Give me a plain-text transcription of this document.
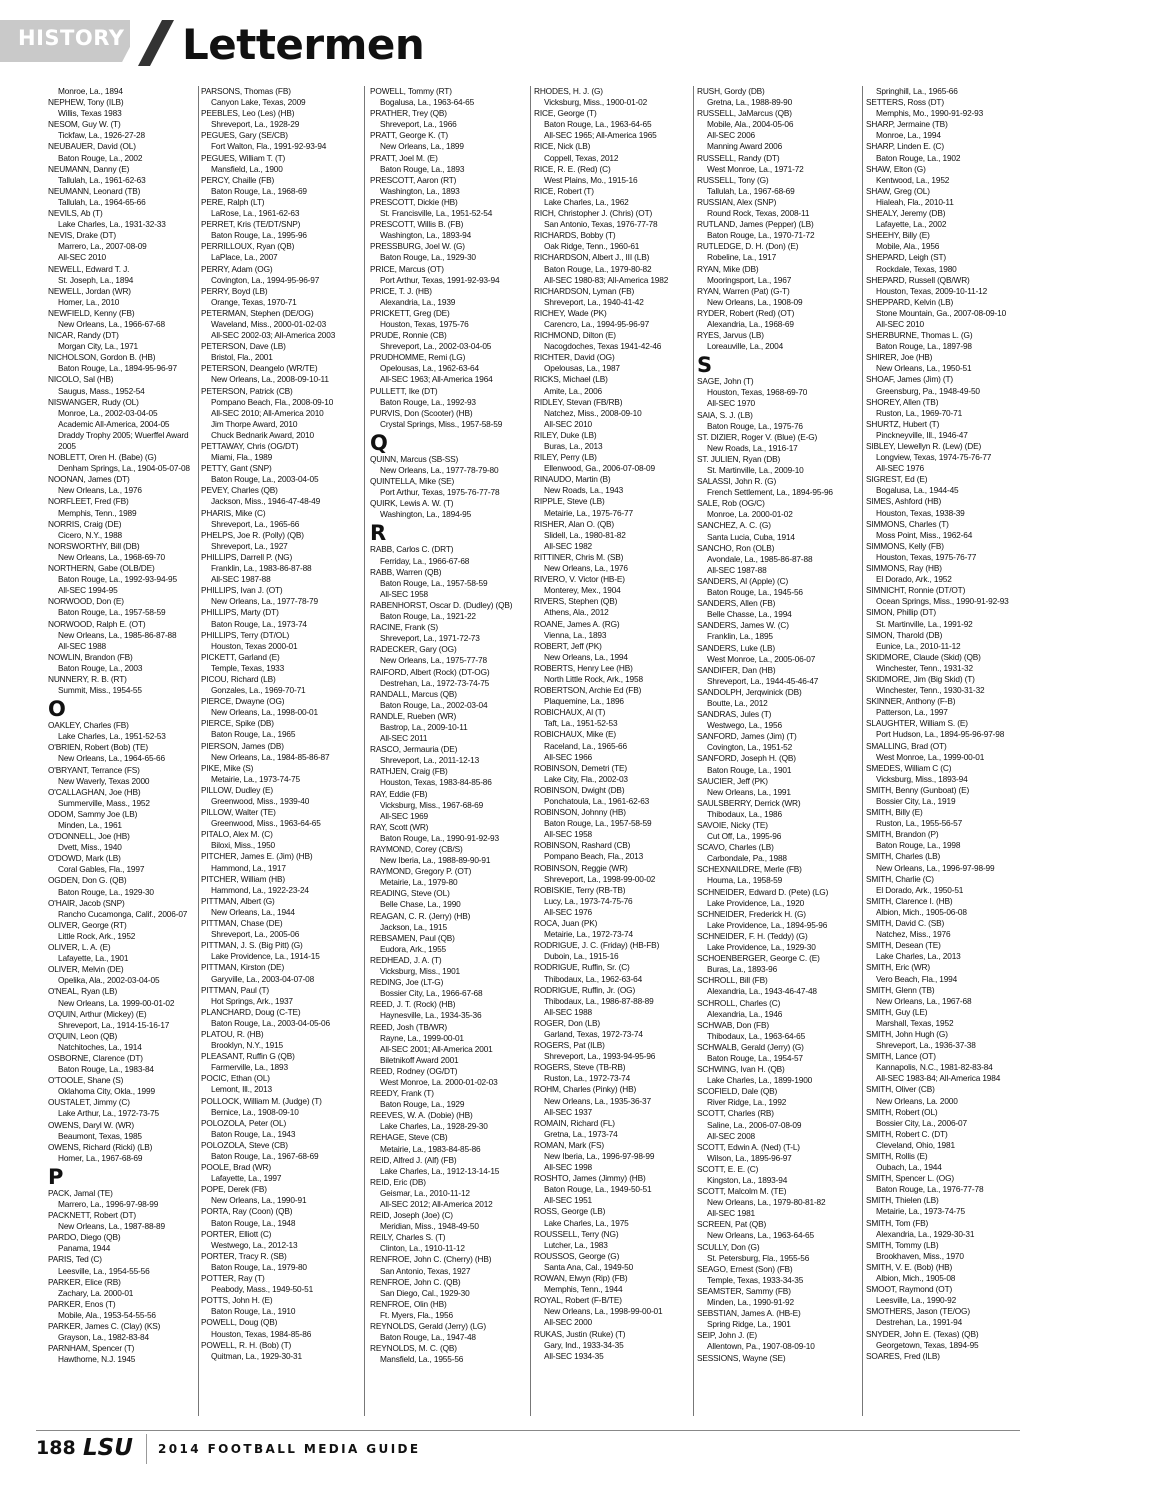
HISTORY Lettermen
Monroe, La., 1894
NEPHEW, Tony (ILB)
Willis, Texas 1983
NESOM, Guy W. (T)
Tickfaw, La., 1926-27-28
NEUBAUER, David (OL)
Baton Rouge, La., 2002
NEUMANN, Danny (E)
Tallulah, La., 1961-62-63
NEUMANN, Leonard (TB)
Tallulah, La., 1964-65-66
NEVILS, Ab (T)
Lake Charles, La., 1931-32-33
NEVIS, Drake (DT)
Marrero, La., 2007-08-09
All-SEC 2010
NEWELL, Edward T. J.
St. Joseph, La., 1894
NEWELL, Jordan (WR)
Homer, La., 2010
NEWFIELD, Kenny (FB)
New Orleans, La., 1966-67-68
NICAR, Randy (DT)
Morgan City, La., 1971
NICHOLSON, Gordon B. (HB)
Baton Rouge, La., 1894-95-96-97
NICOLO, Sal (HB)
Saugus, Mass., 1952-54
NISWANGER, Rudy (OL)
Monroe, La., 2002-03-04-05
Academic All-America, 2004-05
Draddy Trophy 2005; Wuerffel Award
2005
NOBLETT, Oren H. (Babe) (G)
Denham Springs, La., 1904-05-07-08
NOONAN, James (DT)
New Orleans, La., 1976
NORFLEET, Fred (FB)
Memphis, Tenn., 1989
NORRIS, Craig (DE)
Cicero, N.Y., 1988
NORSWORTHY, Bill (DB)
New Orleans, La., 1968-69-70
NORTHERN, Gabe (OLB/DE)
Baton Rouge, La., 1992-93-94-95
All-SEC 1994-95
NORWOOD, Don (E)
Baton Rouge, La., 1957-58-59
NORWOOD, Ralph E. (OT)
New Orleans, La., 1985-86-87-88
All-SEC 1988
NOWLIN, Brandon (FB)
Baton Rouge, La., 2003
NUNNERY, R. B. (RT)
Summit, Miss., 1954-55
O
OAKLEY, Charles (FB)
Lake Charles, La., 1951-52-53
O'BRIEN, Robert (Bob) (TE)
New Orleans, La., 1964-65-66
O'BRYANT, Terrance (FS)
New Waverly, Texas 2000
O'CALLAGHAN, Joe (HB)
Summerville, Mass., 1952
ODOM, Sammy Joe (LB)
Minden, La., 1961
O'DONNELL, Joe (HB)
Dvett, Miss., 1940
O'DOWD, Mark (LB)
Coral Gables, Fla., 1997
OGDEN, Don G. (QB)
Baton Rouge, La., 1929-30
O'HAIR, Jacob (SNP)
Rancho Cucamonga, Calif., 2006-07
OLIVER, George (RT)
Little Rock, Ark., 1952
OLIVER, L. A. (E)
Lafayette, La., 1901
OLIVER, Melvin (DE)
Opelika, Ala., 2002-03-04-05
O'NEAL, Ryan (LB)
New Orleans, La. 1999-00-01-02
O'QUIN, Arthur (Mickey) (E)
Shreveport, La., 1914-15-16-17
O'QUIN, Leon (QB)
Natchitoches, La., 1914
OSBORNE, Clarence (DT)
Baton Rouge, La., 1983-84
O'TOOLE, Shane (S)
Oklahoma City, Okla., 1999
OUSTALET, Jimmy (C)
Lake Arthur, La., 1972-73-75
OWENS, Daryl W. (WR)
Beaumont, Texas, 1985
OWENS, Richard (Ricki) (LB)
Homer, La., 1967-68-69
P
PACK, Jamal (TE)
Marrero, La., 1996-97-98-99
PACKNETT, Robert (DT)
New Orleans, La., 1987-88-89
PARDO, Diego (QB)
Panama, 1944
PARIS, Ted (C)
Leesville, La., 1954-55-56
PARKER, Elice (RB)
Zachary, La. 2000-01
PARKER, Enos (T)
Mobile, Ala., 1953-54-55-56
PARKER, James C. (Clay) (KS)
Grayson, La., 1982-83-84
PARNHAM, Spencer (T)
Hawthorne, N.J. 1945
PARSONS, Thomas (FB)
Canyon Lake, Texas, 2009
PEEBLES, Leo (Les) (HB)
Shreveport, La., 1928-29
PEGUES, Gary (SE/CB)
Fort Walton, Fla., 1991-92-93-94
PEGUES, William T. (T)
Mansfield, La., 1900
PERCY, Chaille (FB)
Baton Rouge, La., 1968-69
PERE, Ralph (LT)
LaRose, La., 1961-62-63
PERRET, Kris (TE/DT/SNP)
Baton Rouge, La., 1995-96
PERRILLOUX, Ryan (QB)
LaPlace, La., 2007
PERRY, Adam (OG)
Covington, La., 1994-95-96-97
PERRY, Boyd (LB)
Orange, Texas, 1970-71
PETERMAN, Stephen (DE/OG)
Waveland, Miss., 2000-01-02-03
All-SEC 2002-03; All-America 2003
PETERSON, Dave (LB)
Bristol, Fla., 2001
PETERSON, Deangelo (WR/TE)
New Orleans, La., 2008-09-10-11
PETERSON, Patrick (CB)
Pompano Beach, Fla., 2008-09-10
All-SEC 2010; All-America 2010
Jim Thorpe Award, 2010
Chuck Bednarik Award, 2010
PETTAWAY, Chris (OG/DT)
Miami, Fla., 1989
PETTY, Gant (SNP)
Baton Rouge, La., 2003-04-05
PEVEY, Charles (QB)
Jackson, Miss., 1946-47-48-49
PHARIS, Mike (C)
Shreveport, La., 1965-66
PHELPS, Joe R. (Polly) (QB)
Shreveport, La., 1927
PHILLIPS, Darrell P. (NG)
Franklin, La., 1983-86-87-88
All-SEC 1987-88
PHILLIPS, Ivan J. (OT)
New Orleans, La., 1977-78-79
PHILLIPS, Marty (DT)
Baton Rouge, La., 1973-74
PHILLIPS, Terry (DT/OL)
Houston, Texas 2000-01
PICKETT, Garland (E)
Temple, Texas, 1933
PICOU, Richard (LB)
Gonzales, La., 1969-70-71
PIERCE, Dwayne (OG)
New Orleans, La., 1998-00-01
PIERCE, Spike (DB)
Baton Rouge, La., 1965
PIERSON, James (DB)
New Orleans, La., 1984-85-86-87
PIKE, Mike (S)
Metairie, La., 1973-74-75
PILLOW, Dudley (E)
Greenwood, Miss., 1939-40
PILLOW, Walter (TE)
Greenwood, Miss., 1963-64-65
PITALO, Alex M. (C)
Biloxi, Miss., 1950
PITCHER, James E. (Jim) (HB)
Hammond, La., 1917
PITCHER, William (HB)
Hammond, La., 1922-23-24
PITTMAN, Albert (G)
New Orleans, La., 1944
PITTMAN, Chase (DE)
Shreveport, La., 2005-06
PITTMAN, J. S. (Big Pitt) (G)
Lake Providence, La., 1914-15
PITTMAN, Kirston (DE)
Garyville, La., 2003-04-07-08
PITTMAN, Paul (T)
Hot Springs, Ark., 1937
PLANCHARD, Doug (C-TE)
Baton Rouge, La., 2003-04-05-06
PLATOU, R. (HB)
Brooklyn, N.Y., 1915
PLEASANT, Ruffin G (QB)
Farmerville, La., 1893
POCIC, Ethan (OL)
Lemont, Ill., 2013
POLLOCK, William M. (Judge) (T)
Bernice, La., 1908-09-10
POLOZOLA, Peter (OL)
Baton Rouge, La., 1943
POLOZOLA, Steve (CB)
Baton Rouge, La., 1967-68-69
POOLE, Brad (WR)
Lafayette, La., 1997
POPE, Derek (FB)
New Orleans, La., 1990-91
PORTA, Ray (Coon) (QB)
Baton Rouge, La., 1948
PORTER, Elliott (C)
Westwego, La., 2012-13
PORTER, Tracy R. (SB)
Baton Rouge, La., 1979-80
POTTER, Ray (T)
Peabody, Mass., 1949-50-51
POTTS, John H. (E)
Baton Rouge, La., 1910
POWELL, Doug (QB)
Houston, Texas, 1984-85-86
POWELL, R. H. (Bob) (T)
Quitman, La., 1929-30-31
POWELL, Tommy (RT)
Bogalusa, La., 1963-64-65
PRATHER, Trey (QB)
Shreveport, La., 1966
PRATT, George K. (T)
New Orleans, La., 1899
PRATT, Joel M. (E)
Baton Rouge, La., 1893
PRESCOTT, Aaron (RT)
Washington, La., 1893
PRESCOTT, Dickie (HB)
St. Francisville, La., 1951-52-54
PRESCOTT, Willis B. (FB)
Washington, La., 1893-94
PRESSBURG, Joel W. (G)
Baton Rouge, La., 1929-30
PRICE, Marcus (OT)
Port Arthur, Texas, 1991-92-93-94
PRICE, T. J. (HB)
Alexandria, La., 1939
PRICKETT, Greg (DE)
Houston, Texas, 1975-76
PRUDE, Ronnie (CB)
Shreveport, La., 2002-03-04-05
PRUDHOMME, Remi (LG)
Opelousas, La., 1962-63-64
All-SEC 1963; All-America 1964
PULLETT, Ike (DT)
Baton Rouge, La., 1992-93
PURVIS, Don (Scooter) (HB)
Crystal Springs, Miss., 1957-58-59
Q
QUINN, Marcus (SB-SS)
New Orleans, La., 1977-78-79-80
QUINTELLA, Mike (SE)
Port Arthur, Texas, 1975-76-77-78
QUIRK, Lewis A. W. (T)
Washington, La., 1894-95
R
RABB, Carlos C. (DRT)
Ferriday, La., 1966-67-68
RABB, Warren (QB)
Baton Rouge, La., 1957-58-59
All-SEC 1958
RABENHORST, Oscar D. (Dudley) (QB)
Baton Rouge, La., 1921-22
RACINE, Frank (S)
Shreveport, La., 1971-72-73
RADECKER, Gary (OG)
New Orleans, La., 1975-77-78
RAIFORD, Albert (Rock) (DT-OG)
Destrehan, La., 1972-73-74-75
RANDALL, Marcus (QB)
Baton Rouge, La., 2002-03-04
RANDLE, Rueben (WR)
Bastrop, La., 2009-10-11
All-SEC 2011
RASCO, Jermauria (DE)
Shreveport, La., 2011-12-13
RATHJEN, Craig (FB)
Houston, Texas, 1983-84-85-86
RAY, Eddie (FB)
Vicksburg, Miss., 1967-68-69
All-SEC 1969
RAY, Scott (WR)
Baton Rouge, La., 1990-91-92-93
RAYMOND, Corey (CB/S)
New Iberia, La., 1988-89-90-91
RAYMOND, Gregory P. (OT)
Metairie, La., 1979-80
READING, Steve (OL)
Belle Chase, La., 1990
REAGAN, C. R. (Jerry) (HB)
Jackson, La., 1915
REBSAMEN, Paul (QB)
Eudora, Ark., 1955
REDHEAD, J. A. (T)
Vicksburg, Miss., 1901
REDING, Joe (LT-G)
Bossier City, La., 1966-67-68
REED, J. T. (Rock) (HB)
Haynesville, La., 1934-35-36
REED, Josh (TB/WR)
Rayne, La., 1999-00-01
All-SEC 2001; All-America 2001
Biletnikoff Award 2001
REED, Rodney (OG/DT)
West Monroe, La. 2000-01-02-03
REEDY, Frank (T)
Baton Rouge, La., 1929
REEVES, W. A. (Dobie) (HB)
Lake Charles, La., 1928-29-30
REHAGE, Steve (CB)
Metairie, La., 1983-84-85-86
REID, Alfred J. (Alf) (FB)
Lake Charles, La., 1912-13-14-15
REID, Eric (DB)
Geismar, La., 2010-11-12
All-SEC 2012; All-America 2012
REID, Joseph (Joe) (C)
Meridian, Miss., 1948-49-50
REILY, Charles S. (T)
Clinton, La., 1910-11-12
RENFROE, John C. (Cherry) (HB)
San Antonio, Texas, 1927
RENFROE, John C. (QB)
San Diego, Cal., 1929-30
RENFROE, Olin (HB)
Ft. Myers, Fla., 1956
REYNOLDS, Gerald (Jerry) (LG)
Baton Rouge, La., 1947-48
REYNOLDS, M. C. (QB)
Mansfield, La., 1955-56
RHODES, H. J. (G)
Vicksburg, Miss., 1900-01-02
RICE, George (T)
Baton Rouge, La., 1963-64-65
All-SEC 1965; All-America 1965
RICE, Nick (LB)
Coppell, Texas, 2012
RICE, R. E. (Red) (C)
West Plains, Mo., 1915-16
RICE, Robert (T)
Lake Charles, La., 1962
RICH, Christopher J. (Chris) (OT)
San Antonio, Texas, 1976-77-78
RICHARDS, Bobby (T)
Oak Ridge, Tenn., 1960-61
RICHARDSON, Albert J., III (LB)
Baton Rouge, La., 1979-80-82
All-SEC 1980-83; All-America 1982
RICHARDSON, Lyman (FB)
Shreveport, La., 1940-41-42
RICHEY, Wade (PK)
Carencro, La., 1994-95-96-97
RICHMOND, Dilton (E)
Nacogdoches, Texas 1941-42-46
RICHTER, David (OG)
Opelousas, La., 1987
RICKS, Michael (LB)
Amite, La., 2006
RIDLEY, Stevan (FB/RB)
Natchez, Miss., 2008-09-10
All-SEC 2010
RILEY, Duke (LB)
Buras, La., 2013
RILEY, Perry (LB)
Ellenwood, Ga., 2006-07-08-09
RINAUDO, Martin (B)
New Roads, La., 1943
RIPPLE, Steve (LB)
Metairie, La., 1975-76-77
RISHER, Alan O. (QB)
Slidell, La., 1980-81-82
All-SEC 1982
RITTINER, Chris M. (SB)
New Orleans, La., 1976
RIVERO, V. Victor (HB-E)
Monterey, Mex., 1904
RIVERS, Stephen (QB)
Athens, Ala., 2012
ROANE, James A. (RG)
Vienna, La., 1893
ROBERT, Jeff (PK)
New Orleans, La., 1994
ROBERTS, Henry Lee (HB)
North Little Rock, Ark., 1958
ROBERTSON, Archie Ed (FB)
Plaquemine, La., 1896
ROBICHAUX, Al (T)
Taft, La., 1951-52-53
ROBICHAUX, Mike (E)
Raceland, La., 1965-66
All-SEC 1966
ROBINSON, Demetri (TE)
Lake City, Fla., 2002-03
ROBINSON, Dwight (DB)
Ponchatoula, La., 1961-62-63
ROBINSON, Johnny (HB)
Baton Rouge, La., 1957-58-59
All-SEC 1958
ROBINSON, Rashard (CB)
Pompano Beach, Fla., 2013
ROBINSON, Reggie (WR)
Shreveport, La., 1998-99-00-02
ROBISKIE, Terry (RB-TB)
Lucy, La., 1973-74-75-76
All-SEC 1976
ROCA, Juan (PK)
Metairie, La., 1972-73-74
RODRIGUE, J. C. (Friday) (HB-FB)
Duboin, La., 1915-16
RODRIGUE, Ruffin, Sr. (C)
Thibodaux, La., 1962-63-64
RODRIGUE, Ruffin, Jr. (OG)
Thibodaux, La., 1986-87-88-89
All-SEC 1988
ROGER, Don (LB)
Garland, Texas, 1972-73-74
ROGERS, Pat (ILB)
Shreveport, La., 1993-94-95-96
ROGERS, Steve (TB-RB)
Ruston, La., 1972-73-74
ROHM, Charles (Pinky) (HB)
New Orleans, La., 1935-36-37
All-SEC 1937
ROMAIN, Richard (FL)
Gretna, La., 1973-74
ROMAN, Mark (FS)
New Iberia, La., 1996-97-98-99
All-SEC 1998
ROSHTO, James (Jimmy) (HB)
Baton Rouge, La., 1949-50-51
All-SEC 1951
ROSS, George (LB)
Lake Charles, La., 1975
ROUSSELL, Terry (NG)
Lutcher, La., 1983
ROUSSOS, George (G)
Santa Ana, Cal., 1949-50
ROWAN, Elwyn (Rip) (FB)
Memphis, Tenn., 1944
ROYAL, Robert (F-B/TE)
New Orleans, La., 1998-99-00-01
All-SEC 2000
RUKAS, Justin (Ruke) (T)
Gary, Ind., 1933-34-35
All-SEC 1934-35
RUSH, Gordy (DB)
Gretna, La., 1988-89-90
RUSSELL, JaMarcus (QB)
Mobile, Ala., 2004-05-06
All-SEC 2006
Manning Award 2006
RUSSELL, Randy (DT)
West Monroe, La., 1971-72
RUSSELL, Tony (G)
Tallulah, La., 1967-68-69
RUSSIAN, Alex (SNP)
Round Rock, Texas, 2008-11
RUTLAND, James (Pepper) (LB)
Baton Rouge, La., 1970-71-72
RUTLEDGE, D. H. (Don) (E)
Robeline, La., 1917
RYAN, Mike (DB)
Mooringsport, La., 1967
RYAN, Warren (Pat) (G-T)
New Orleans, La., 1908-09
RYDER, Robert (Red) (OT)
Alexandria, La., 1968-69
RYES, Jarvus (LB)
Loreauville, La., 2004
S
SAGE, John (T)
Houston, Texas, 1968-69-70
All-SEC 1970
SAIA, S. J. (LB)
Baton Rouge, La., 1975-76
ST. DIZIER, Roger V. (Blue) (E-G)
New Roads, La., 1916-17
ST. JULIEN, Ryan (DB)
St. Martinville, La., 2009-10
SALASSI, John R. (G)
French Settlement, La., 1894-95-96
SALE, Rob (OG/C)
Monroe, La. 2000-01-02
SANCHEZ, A. C. (G)
Santa Lucia, Cuba, 1914
SANCHO, Ron (OLB)
Avondale, La., 1985-86-87-88
All-SEC 1987-88
SANDERS, Al (Apple) (C)
Baton Rouge, La., 1945-56
SANDERS, Allen (FB)
Belle Chasse, La., 1994
SANDERS, James W. (C)
Franklin, La., 1895
SANDERS, Luke (LB)
West Monroe, La., 2005-06-07
SANDIFER, Dan (HB)
Shreveport, La., 1944-45-46-47
SANDOLPH, Jerqwinick (DB)
Boutte, La., 2012
SANDRAS, Jules (T)
Westwego, La., 1956
SANFORD, James (Jim) (T)
Covington, La., 1951-52
SANFORD, Joseph H. (QB)
Baton Rouge, La., 1901
SAUCIER, Jeff (PK)
New Orleans, La., 1991
SAULSBERRY, Derrick (WR)
Thibodaux, La., 1986
SAVOIE, Nicky (TE)
Cut Off, La., 1995-96
SCAVO, Charles (LB)
Carbondale, Pa., 1988
SCHEXNAILDRE, Merle (FB)
Houma, La., 1958-59
SCHNEIDER, Edward D. (Pete) (LG)
Lake Providence, La., 1920
SCHNEIDER, Frederick H. (G)
Lake Providence, La., 1894-95-96
SCHNEIDER, F. H. (Teddy) (G)
Lake Providence, La., 1929-30
SCHOENBERGER, George C. (E)
Buras, La., 1893-96
SCHROLL, Bill (FB)
Alexandria, La., 1943-46-47-48
SCHROLL, Charles (C)
Alexandria, La., 1946
SCHWAB, Don (FB)
Thibodaux, La., 1963-64-65
SCHWALB, Gerald (Jerry) (G)
Baton Rouge, La., 1954-57
SCHWING, Ivan H. (QB)
Lake Charles, La., 1899-1900
SCOFIELD, Dale (QB)
River Ridge, La., 1992
SCOTT, Charles (RB)
Saline, La., 2006-07-08-09
All-SEC 2008
SCOTT, Edwin A. (Ned) (T-L)
Wilson, La., 1895-96-97
SCOTT, E. E. (C)
Kingston, La., 1893-94
SCOTT, Malcolm M. (TE)
New Orleans, La., 1979-80-81-82
All-SEC 1981
SCREEN, Pat (QB)
New Orleans, La., 1963-64-65
SCULLY, Don (G)
St. Petersburg, Fla., 1955-56
SEAGO, Ernest (Son) (FB)
Temple, Texas, 1933-34-35
SEAMSTER, Sammy (FB)
Minden, La., 1990-91-92
SEBSTIAN, James A. (HB-E)
Spring Ridge, La., 1901
SEIP, John J. (E)
Allentown, Pa., 1907-08-09-10
SESSIONS, Wayne (SE)
Springhill, La., 1965-66
SETTERS, Ross (DT)
Memphis, Mo., 1990-91-92-93
SHARP, Jermaine (TB)
Monroe, La., 1994
SHARP, Linden E. (C)
Baton Rouge, La., 1902
SHAW, Elton (G)
Kentwood, La., 1952
SHAW, Greg (OL)
Hialeah, Fla., 2010-11
SHEALY, Jeremy (DB)
Lafayette, La., 2002
SHEEHY, Billy (E)
Mobile, Ala., 1956
SHEPARD, Leigh (ST)
Rockdale, Texas, 1980
SHEPARD, Russell (QB/WR)
Houston, Texas, 2009-10-11-12
SHEPPARD, Kelvin (LB)
Stone Mountain, Ga., 2007-08-09-10
All-SEC 2010
SHERBURNE, Thomas L. (G)
Baton Rouge, La., 1897-98
SHIRER, Joe (HB)
New Orleans, La., 1950-51
SHOAF, James (Jim) (T)
Greensburg, Pa., 1948-49-50
SHOREY, Allen (TB)
Ruston, La., 1969-70-71
SHURTZ, Hubert (T)
Pinckneyville, Ill., 1946-47
SIBLEY, Llewellyn R. (Lew) (DE)
Longview, Texas, 1974-75-76-77
All-SEC 1976
SIGREST, Ed (E)
Bogalusa, La., 1944-45
SIMES, Ashford (HB)
Houston, Texas, 1938-39
SIMMONS, Charles (T)
Moss Point, Miss., 1962-64
SIMMONS, Kelly (FB)
Houston, Texas, 1975-76-77
SIMMONS, Ray (HB)
El Dorado, Ark., 1952
SIMNICHT, Ronnie (DT/OT)
Ocean Springs, Miss., 1990-91-92-93
SIMON, Phillip (DT)
St. Martinville, La., 1991-92
SIMON, Tharold (DB)
Eunice, La., 2010-11-12
SKIDMORE, Claude (Skid) (QB)
Winchester, Tenn., 1931-32
SKIDMORE, Jim (Big Skid) (T)
Winchester, Tenn., 1930-31-32
SKINNER, Anthony (F-B)
Patterson, La., 1997
SLAUGHTER, William S. (E)
Port Hudson, La., 1894-95-96-97-98
SMALLING, Brad (OT)
West Monroe, La., 1999-00-01
SMEDES, William C (C)
Vicksburg, Miss., 1893-94
SMITH, Benny (Gunboat) (E)
Bossier City, La., 1919
SMITH, Billy (E)
Ruston, La., 1955-56-57
SMITH, Brandon (P)
Baton Rouge, La., 1998
SMITH, Charles (LB)
New Orleans, La., 1996-97-98-99
SMITH, Charlie (C)
El Dorado, Ark., 1950-51
SMITH, Clarence I. (HB)
Albion, Mich., 1905-06-08
SMITH, David C. (SB)
Natchez, Miss., 1976
SMITH, Desean (TE)
Lake Charles, La., 2013
SMITH, Eric (WR)
Vero Beach, Fla., 1994
SMITH, Glenn (TB)
New Orleans, La., 1967-68
SMITH, Guy (LE)
Marshall, Texas, 1952
SMITH, John Hugh (G)
Shreveport, La., 1936-37-38
SMITH, Lance (OT)
Kannapolis, N.C., 1981-82-83-84
All-SEC 1983-84; All-America 1984
SMITH, Oliver (CB)
New Orleans, La. 2000
SMITH, Robert (OL)
Bossier City, La., 2006-07
SMITH, Robert C. (DT)
Cleveland, Ohio, 1981
SMITH, Rollis (E)
Oubach, La., 1944
SMITH, Spencer L. (OG)
Baton Rouge, La., 1976-77-78
SMITH, Thielen (LB)
Metairie, La., 1973-74-75
SMITH, Tom (FB)
Alexandria, La., 1929-30-31
SMITH, Tommy (LB)
Brookhaven, Miss., 1970
SMITH, V. E. (Bob) (HB)
Albion, Mich., 1905-08
SMOOT, Raymond (OT)
Leesville, La., 1990-92
SMOTHERS, Jason (TE/OG)
Destrehan, La., 1991-94
SNYDER, John E. (Texas) (QB)
Georgetown, Texas, 1894-95
SOARES, Fred (ILB)
188 LSU 2014 FOOTBALL MEDIA GUIDE
